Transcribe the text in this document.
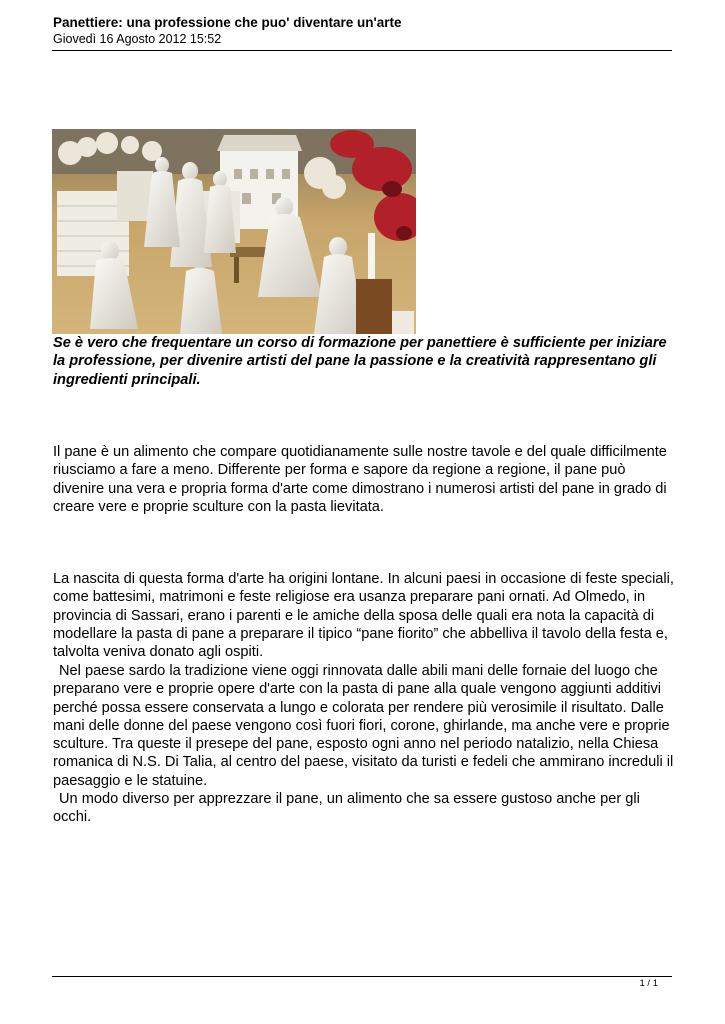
Panettiere: una professione che puo' diventare un'arte

Giovedì 16 Agosto 2012 15:52

Se è vero che frequentare un corso di formazione per panettiere è sufficiente per iniziare la professione, per divenire artisti del pane la passione e la creatività rappresentano gli ingredienti principali.

Il pane è un alimento che compare quotidianamente sulle nostre tavole e del quale difficilmente riusciamo a fare a meno. Differente per forma e sapore da regione a regione, il pane può divenire una vera e propria forma d'arte come dimostrano i numerosi artisti del pane in grado di creare vere e proprie sculture con la pasta lievitata.

La nascita di questa forma d'arte ha origini lontane. In alcuni paesi in occasione di feste speciali, come battesimi, matrimoni e feste religiose era usanza preparare pani ornati. Ad Olmedo, in provincia di Sassari, erano i parenti e le amiche della sposa delle quali era nota la capacità di modellare la pasta di pane a preparare il tipico “pane fiorito” che abbelliva il tavolo della festa e, talvolta veniva donato agli ospiti.

Nel paese sardo la tradizione viene oggi rinnovata dalle abili mani delle fornaie del luogo che preparano vere e proprie opere d'arte con la pasta di pane alla quale vengono aggiunti additivi perché possa essere conservata a lungo e colorata per rendere più verosimile il risultato. Dalle mani delle donne del paese vengono così fuori fiori, corone, ghirlande, ma anche vere e proprie sculture. Tra queste il presepe del pane, esposto ogni anno nel periodo natalizio, nella Chiesa romanica di N.S. Di Talia, al centro del paese, visitato da turisti e fedeli che ammirano increduli il paesaggio e le statuine.

Un modo diverso per apprezzare il pane, un alimento che sa essere gustoso anche per gli occhi.

1 / 1
